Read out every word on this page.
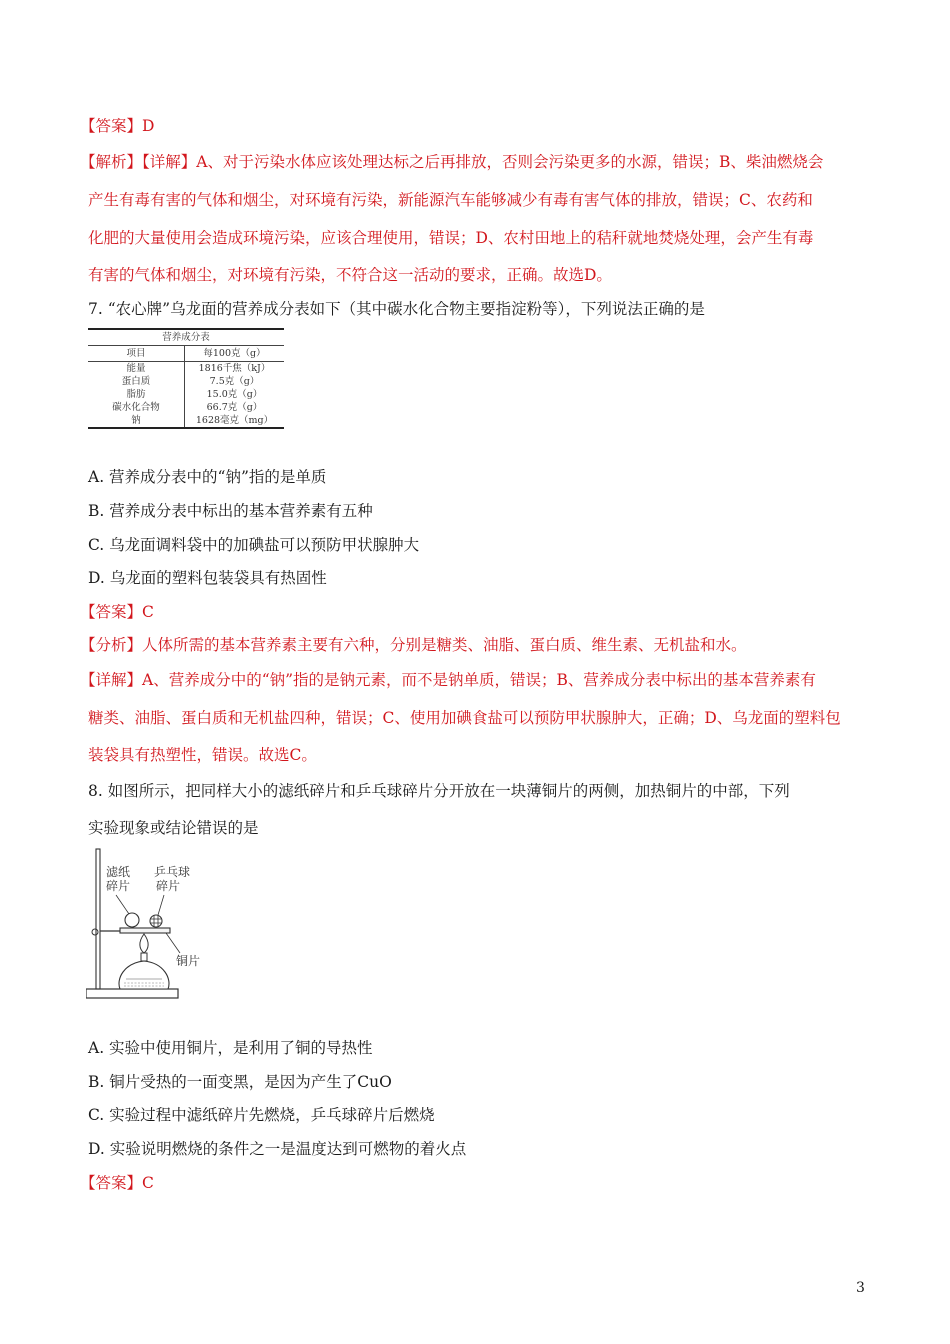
【答案】D
【解析】【详解】A、对于污染水体应该处理达标之后再排放，否则会污染更多的水源，错误；B、柴油燃烧会
产生有毒有害的气体和烟尘，对环境有污染，新能源汽车能够减少有毒有害气体的排放，错误；C、农药和
化肥的大量使用会造成环境污染，应该合理使用，错误；D、农村田地上的秸秆就地焚烧处理，会产生有毒
有害的气体和烟尘，对环境有污染，不符合这一活动的要求，正确。故选D。
7. “农心牌”乌龙面的营养成分表如下（其中碳水化合物主要指淀粉等），下列说法正确的是
营养成分表	
项目	每100克（g）
能量	1816千焦（kJ）
蛋白质	7.5克（g）
脂肪	15.0克（g）
碳水化合物	66.7克（g）
钠	1628毫克（mg）
A. 营养成分表中的“钠”指的是单质
B. 营养成分表中标出的基本营养素有五种
C. 乌龙面调料袋中的加碘盐可以预防甲状腺肿大
D. 乌龙面的塑料包装袋具有热固性
【答案】C
【分析】人体所需的基本营养素主要有六种，分别是糖类、油脂、蛋白质、维生素、无机盐和水。
【详解】A、营养成分中的“钠”指的是钠元素，而不是钠单质，错误；B、营养成分表中标出的基本营养素有
糖类、油脂、蛋白质和无机盐四种，错误；C、使用加碘食盐可以预防甲状腺肿大，正确；D、乌龙面的塑料包
装袋具有热塑性，错误。故选C。
8. 如图所示，把同样大小的滤纸碎片和乒乓球碎片分开放在一块薄铜片的两侧，加热铜片的中部，下列
实验现象或结论错误的是
滤纸
碎片
乒乓球
碎片
铜片
A. 实验中使用铜片，是利用了铜的导热性
B. 铜片受热的一面变黑，是因为产生了CuO
C. 实验过程中滤纸碎片先燃烧，乒乓球碎片后燃烧
D. 实验说明燃烧的条件之一是温度达到可燃物的着火点
【答案】C
3
